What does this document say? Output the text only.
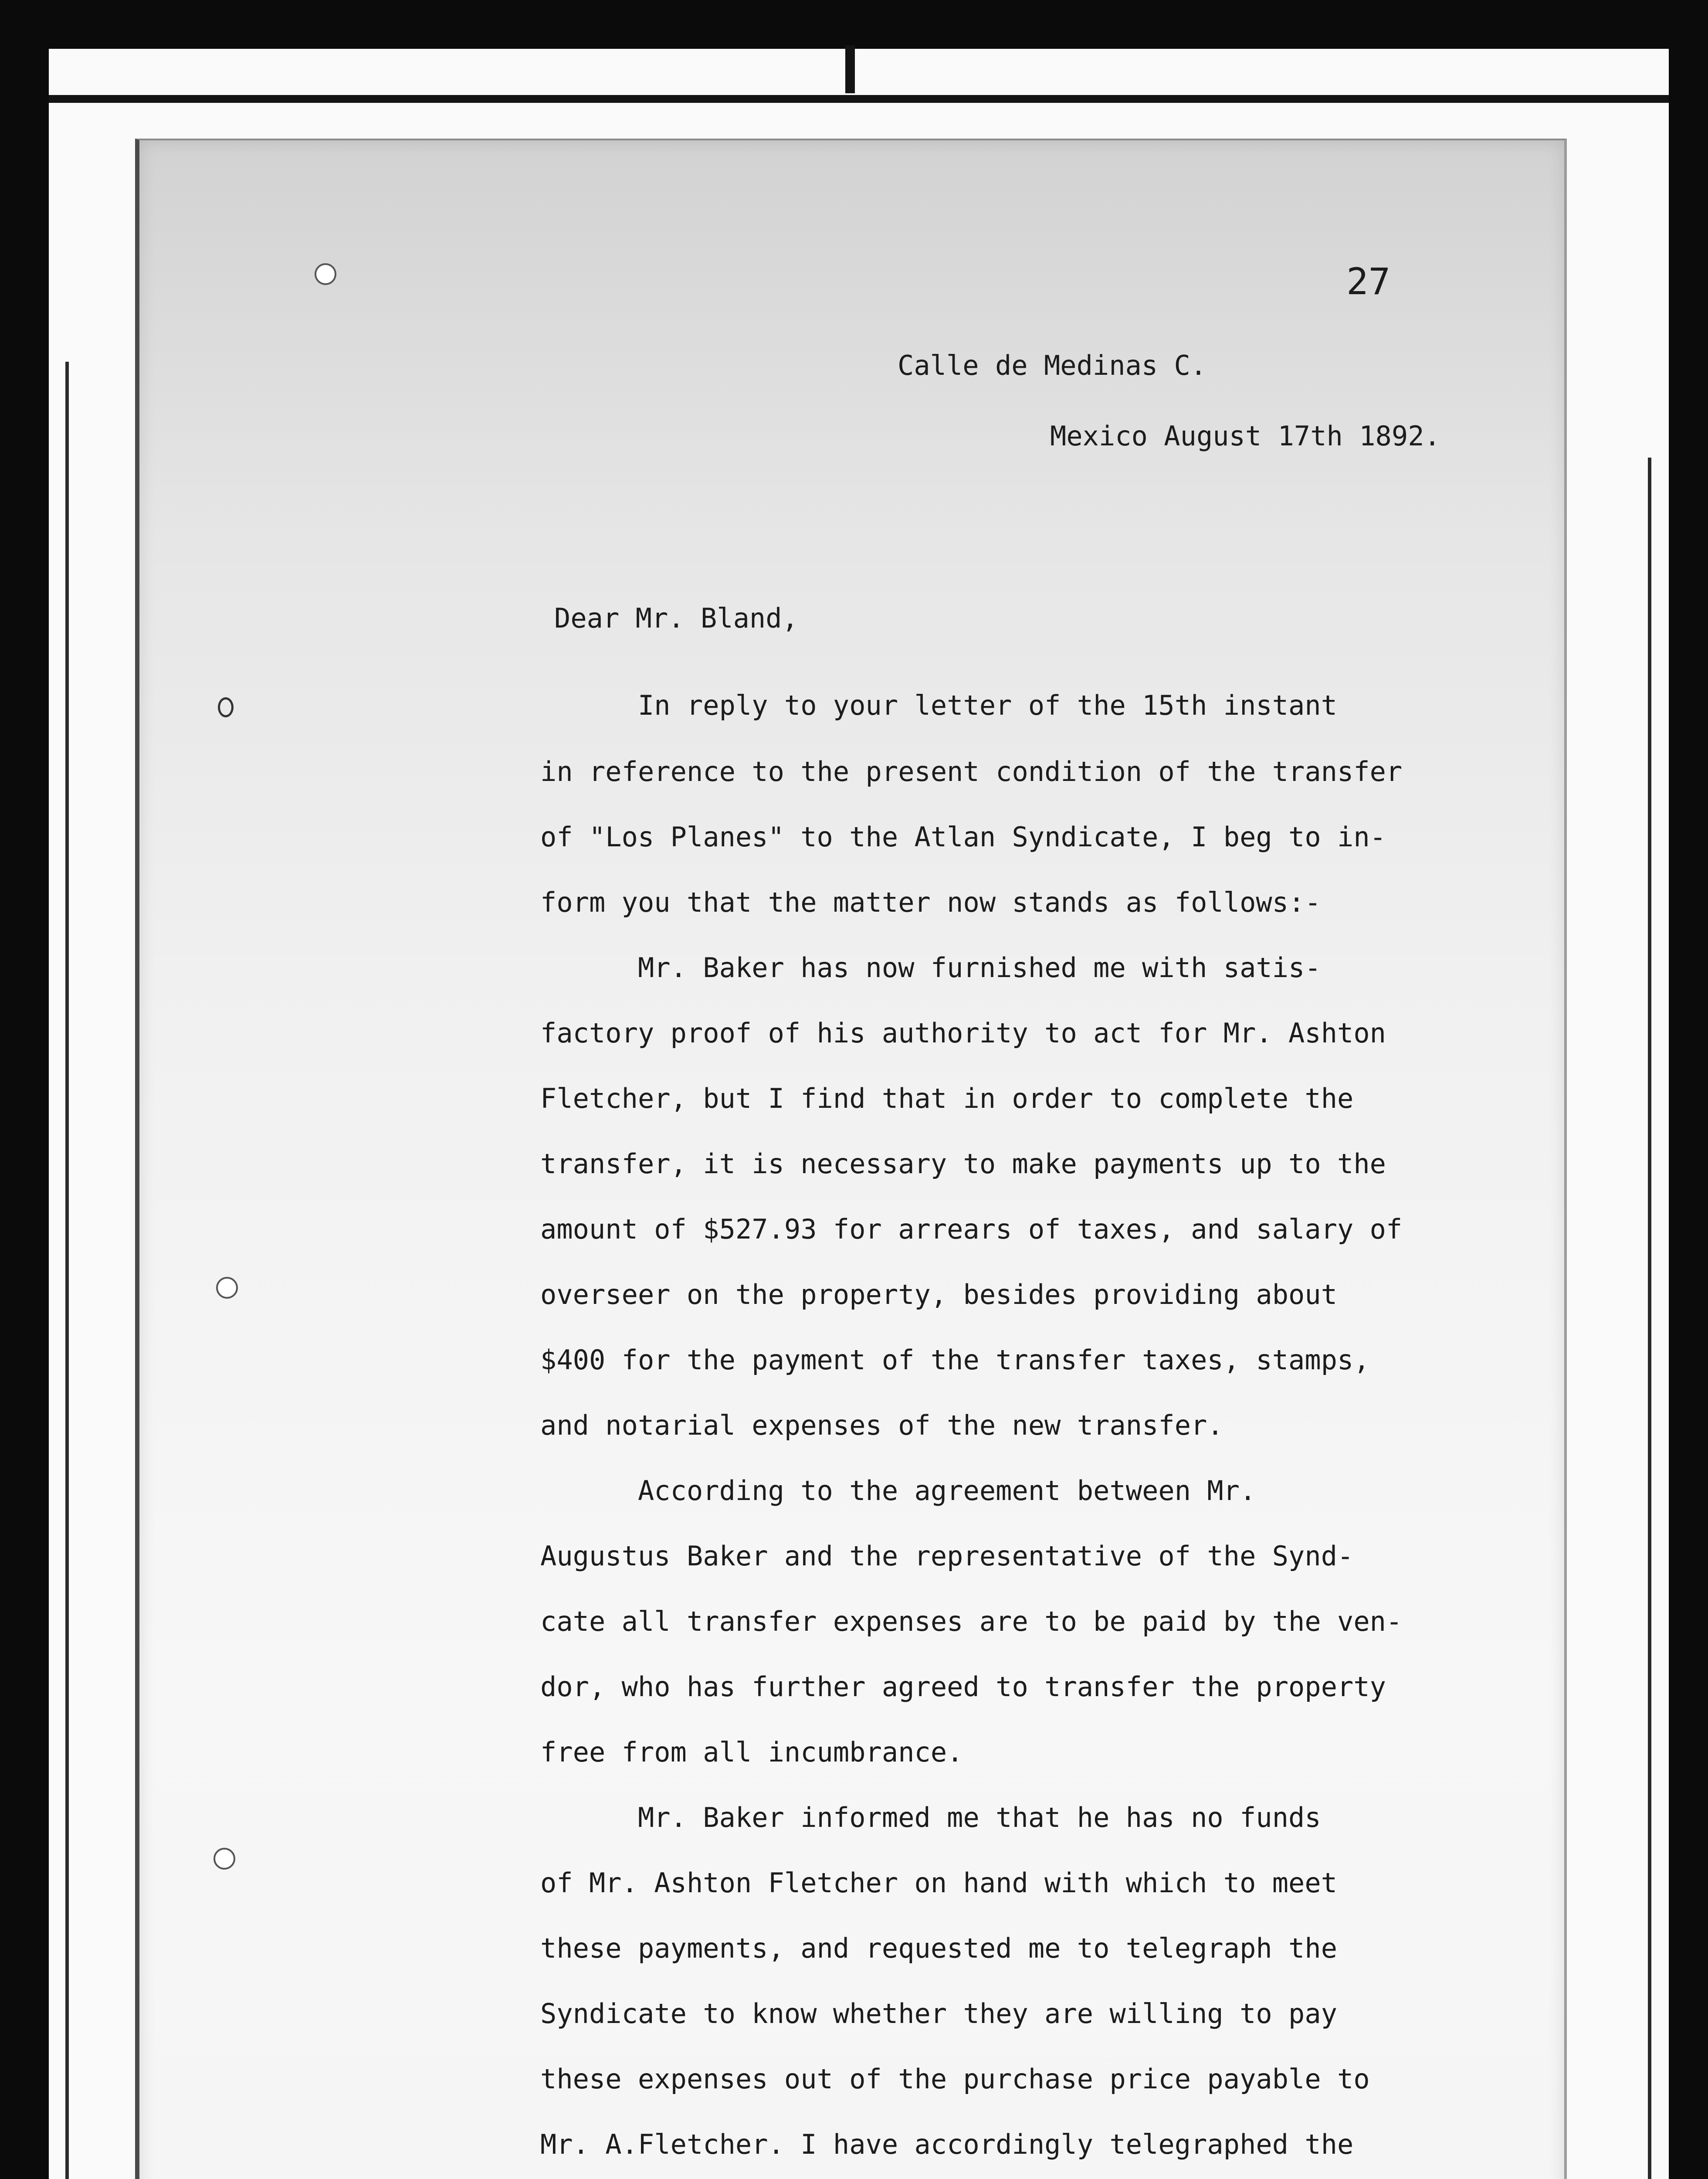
27
Calle de Medinas C.
Mexico August 17th 1892.
Dear Mr. Bland,
In reply to your letter of the 15th instant
in reference to the present condition of the transfer
of "Los Planes" to the Atlan Syndicate, I beg to in-
form you that the matter now stands as follows:-
Mr. Baker has now furnished me with satis-
factory proof of his authority to act for Mr. Ashton
Fletcher, but I find that in order to complete the
transfer, it is necessary to make payments up to the
amount of $527.93 for arrears of taxes, and salary of
overseer on the property, besides providing about
$400 for the payment of the transfer taxes, stamps,
and notarial expenses of the new transfer.
According to the agreement between Mr.
Augustus Baker and the representative of the Synd-
cate all transfer expenses are to be paid by the ven-
dor, who has further agreed to transfer the property
free from all incumbrance.
Mr. Baker informed me that he has no funds
of Mr. Ashton Fletcher on hand with which to meet
these payments, and requested me to telegraph the
Syndicate to know whether they are willing to pay
these expenses out of the purchase price payable to
Mr. A.Fletcher. I have accordingly telegraphed the
